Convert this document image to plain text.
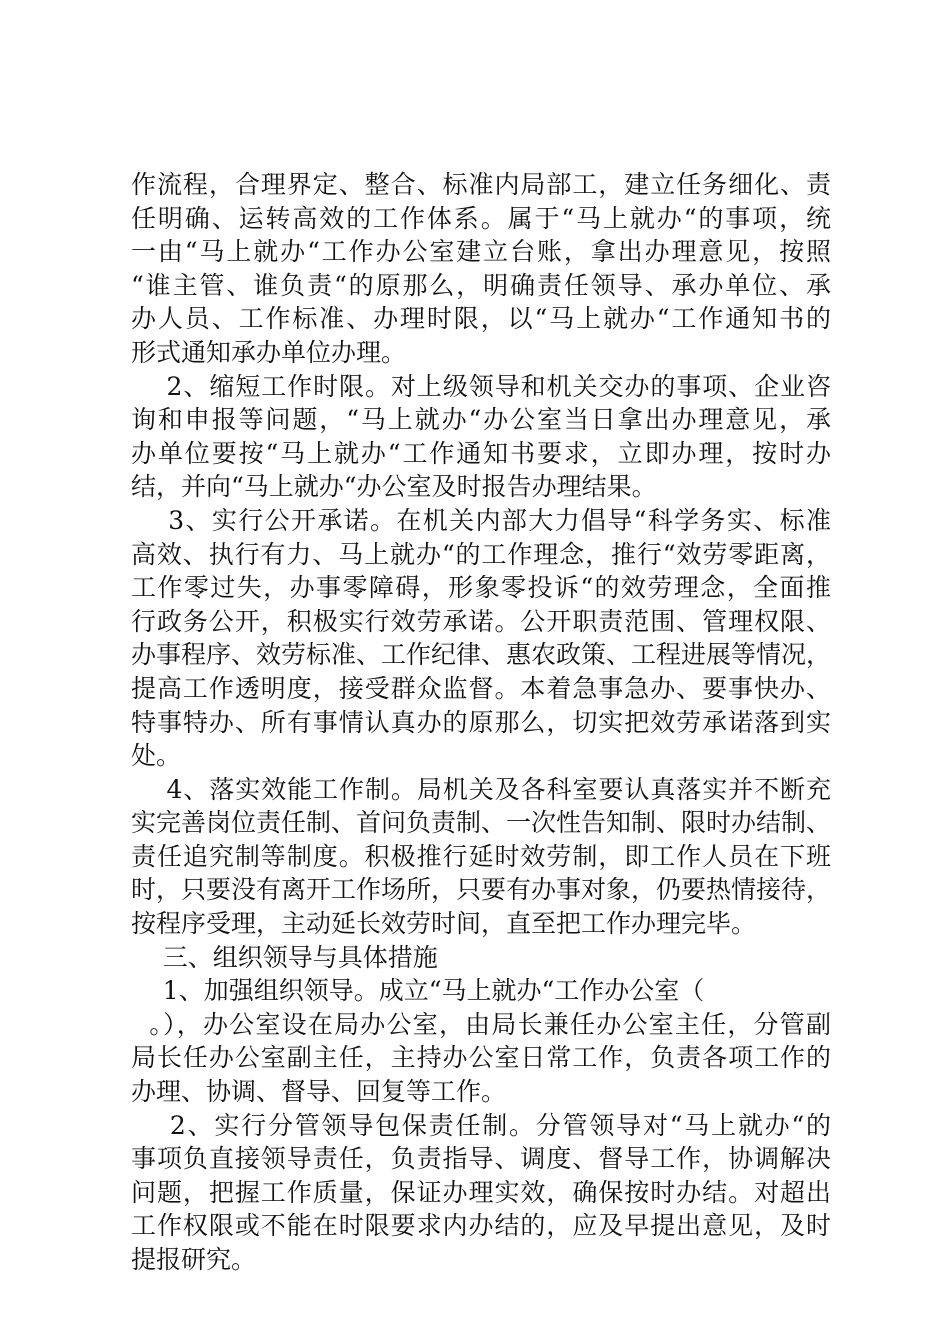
作流程，合理界定、整合、标准内局部工，建立任务细化、责
任明确、运转高效的工作体系。属于“马上就办“的事项，统
一由“马上就办“工作办公室建立台账，拿出办理意见，按照
“谁主管、谁负责“的原那么，明确责任领导、承办单位、承
办人员、工作标准、办理时限，以“马上就办“工作通知书的
形式通知承办单位办理。
2、缩短工作时限。对上级领导和机关交办的事项、企业咨
询和申报等问题，“马上就办“办公室当日拿出办理意见，承
办单位要按“马上就办“工作通知书要求，立即办理，按时办
结，并向“马上就办“办公室及时报告办理结果。
3、实行公开承诺。在机关内部大力倡导“科学务实、标准
高效、执行有力、马上就办“的工作理念，推行“效劳零距离，
工作零过失，办事零障碍，形象零投诉“的效劳理念，全面推
行政务公开，积极实行效劳承诺。公开职责范围、管理权限、
办事程序、效劳标准、工作纪律、惠农政策、工程进展等情况，
提高工作透明度，接受群众监督。本着急事急办、要事快办、
特事特办、所有事情认真办的原那么，切实把效劳承诺落到实
处。
4、落实效能工作制。局机关及各科室要认真落实并不断充
实完善岗位责任制、首问负责制、一次性告知制、限时办结制、
责任追究制等制度。积极推行延时效劳制，即工作人员在下班
时，只要没有离开工作场所，只要有办事对象，仍要热情接待，
按程序受理，主动延长效劳时间，直至把工作办理完毕。
三、组织领导与具体措施
1、加强组织领导。成立“马上就办“工作办公室（
。），办公室设在局办公室，由局长兼任办公室主任，分管副
局长任办公室副主任，主持办公室日常工作，负责各项工作的
办理、协调、督导、回复等工作。
2、实行分管领导包保责任制。分管领导对“马上就办“的
事项负直接领导责任，负责指导、调度、督导工作，协调解决
问题，把握工作质量，保证办理实效，确保按时办结。对超出
工作权限或不能在时限要求内办结的，应及早提出意见，及时
提报研究。
